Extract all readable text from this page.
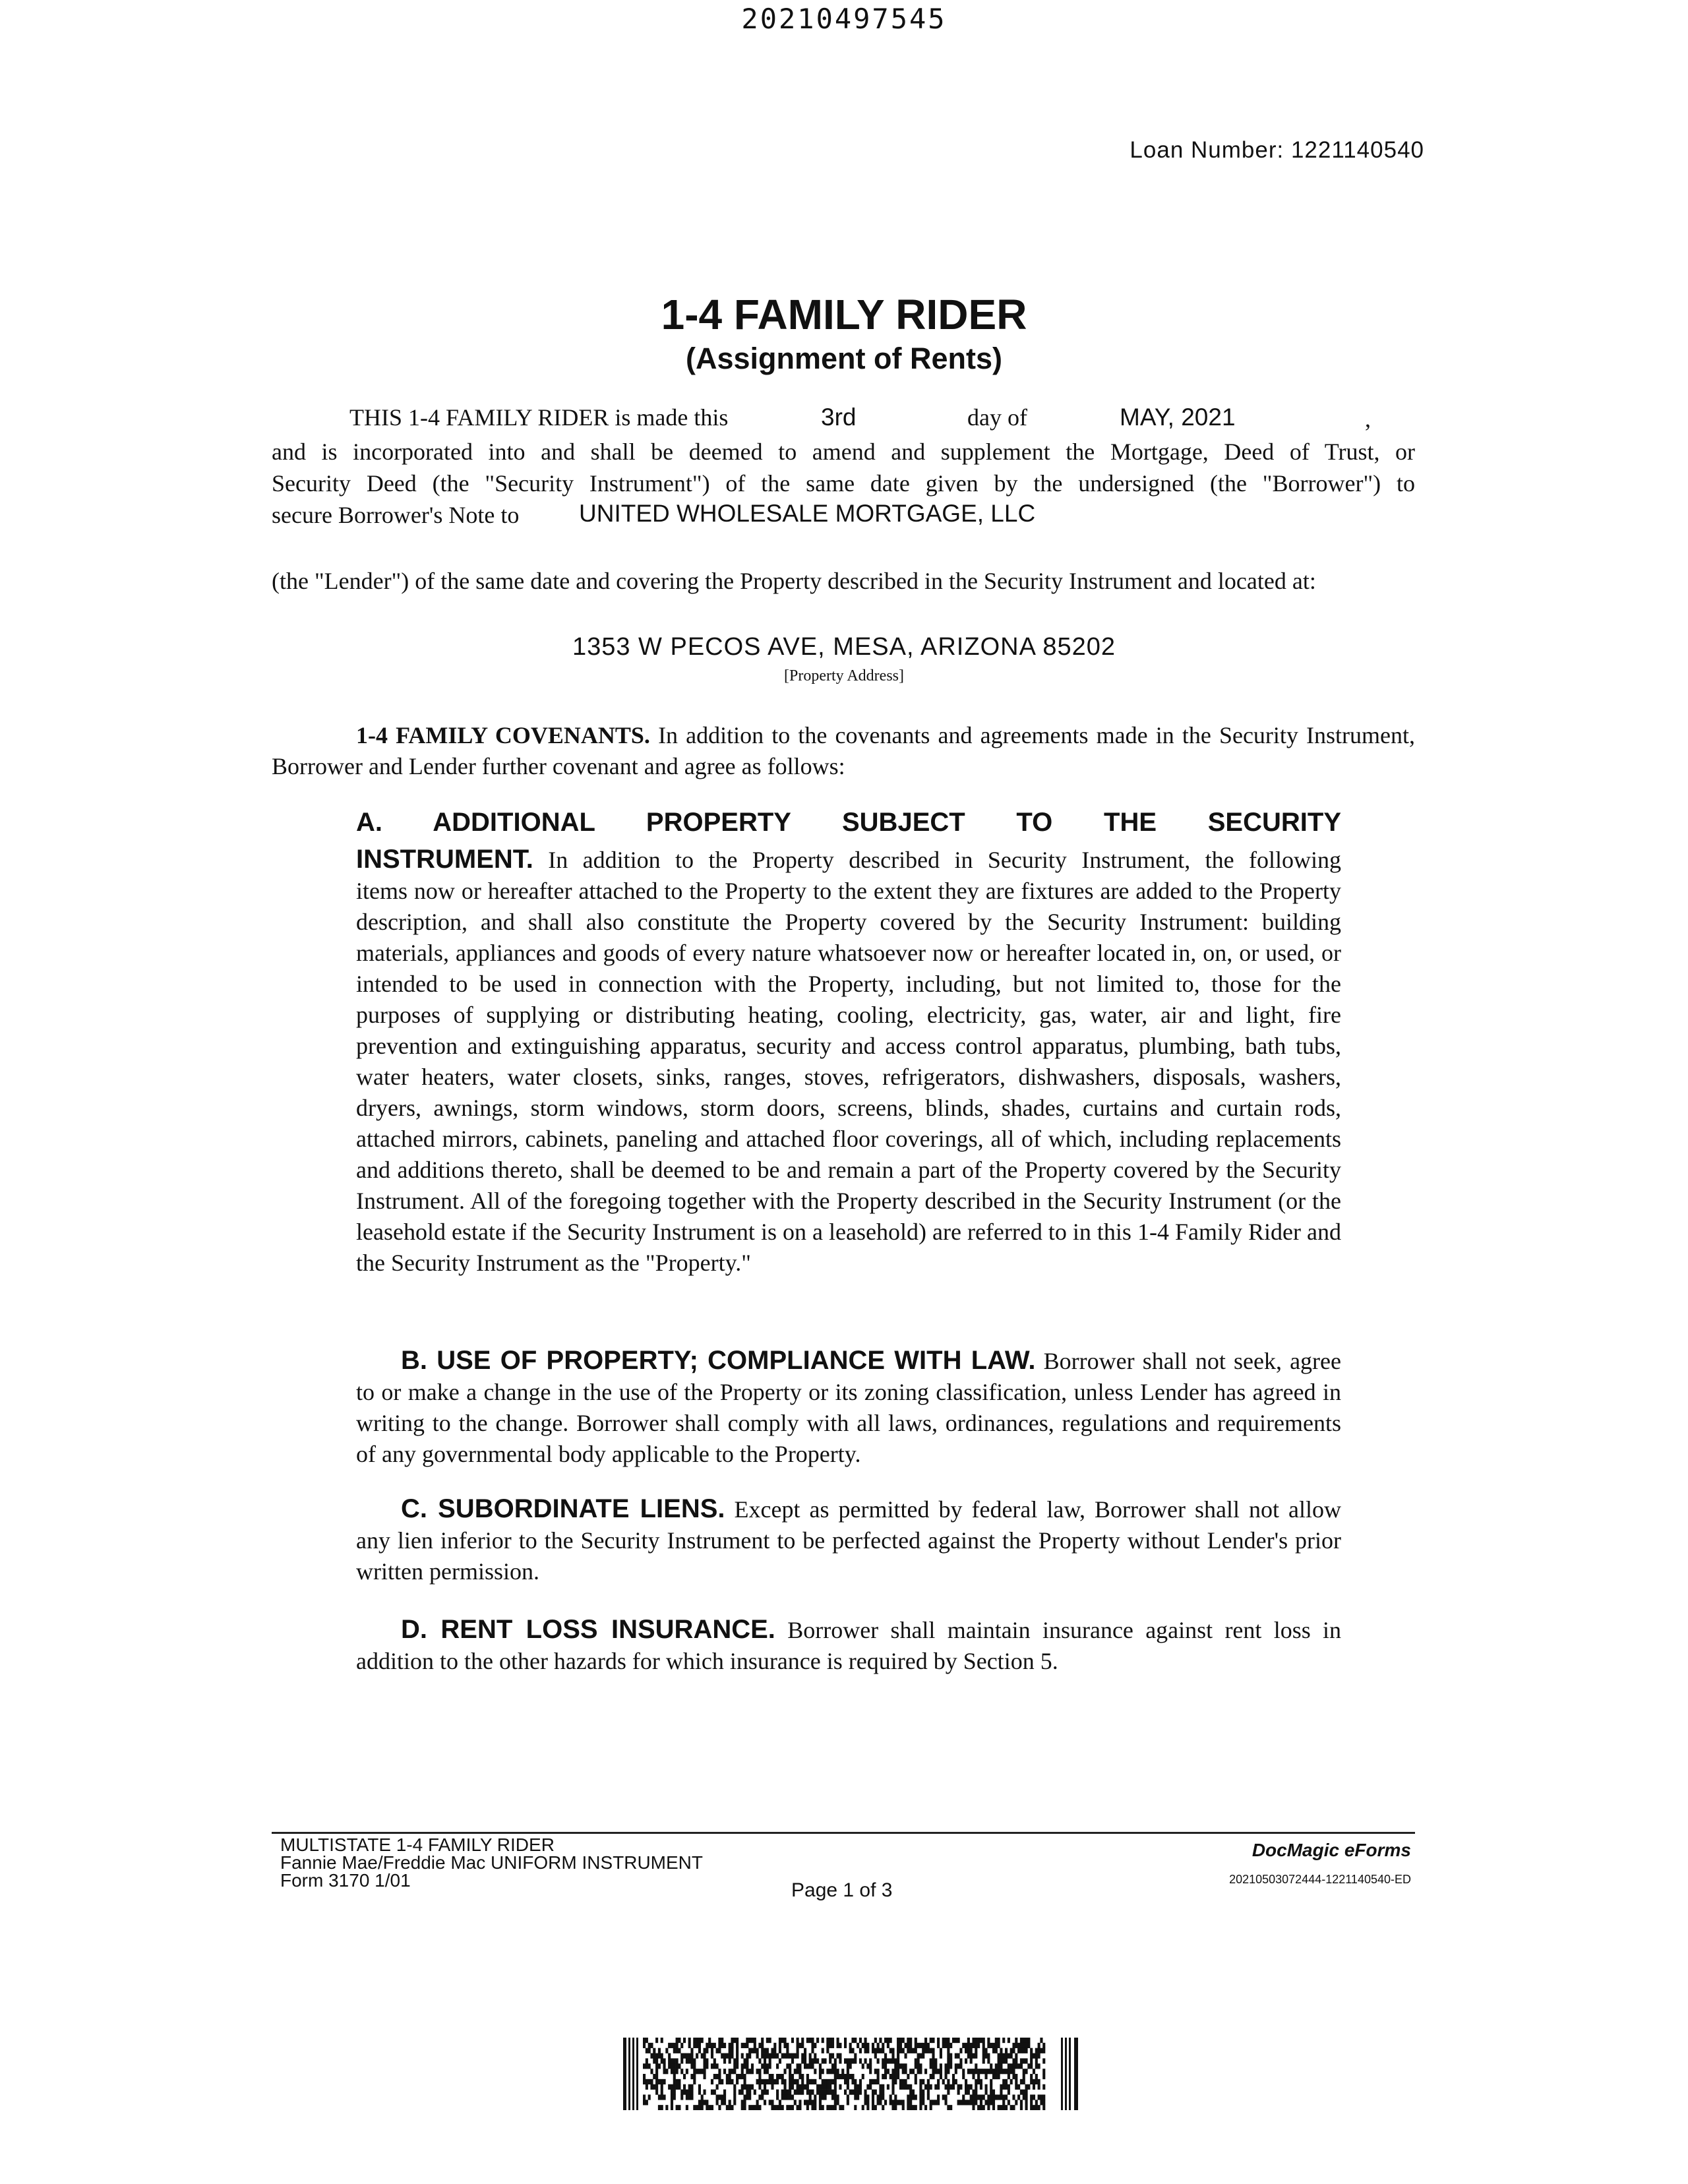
20210497545
Loan Number: 1221140540
1-4 FAMILY RIDER
(Assignment of Rents)
THIS 1-4 FAMILY RIDER is made this	3rd	day of	MAY, 2021	,
and is incorporated into and shall be deemed to amend and supplement the Mortgage, Deed of Trust, or
Security Deed (the "Security Instrument") of the same date given by the undersigned (the "Borrower") to
secure Borrower's Note to UNITED WHOLESALE MORTGAGE, LLC
(the "Lender") of the same date and covering the Property described in the Security Instrument and located at:
1353 W PECOS AVE, MESA, ARIZONA 85202
[Property Address]
1-4 FAMILY COVENANTS. In addition to the covenants and agreements made in the Security Instrument, Borrower and Lender further covenant and agree as follows:
A. ADDITIONAL PROPERTY SUBJECT TO THE SECURITY
INSTRUMENT. In addition to the Property described in Security Instrument, the following
items now or hereafter attached to the Property to the extent they are fixtures are added to the Property description, and shall also constitute the Property covered by the Security Instrument: building materials, appliances and goods of every nature whatsoever now or hereafter located in, on, or used, or intended to be used in connection with the Property, including, but not limited to, those for the purposes of supplying or distributing heating, cooling, electricity, gas, water, air and light, fire prevention and extinguishing apparatus, security and access control apparatus, plumbing, bath tubs, water heaters, water closets, sinks, ranges, stoves, refrigerators, dishwashers, disposals, washers, dryers, awnings, storm windows, storm doors, screens, blinds, shades, curtains and curtain rods, attached mirrors, cabinets, paneling and attached floor coverings, all of which, including replacements and additions thereto, shall be deemed to be and remain a part of the Property covered by the Security Instrument. All of the foregoing together with the Property described in the Security Instrument (or the leasehold estate if the Security Instrument is on a leasehold) are referred to in this 1-4 Family Rider and the Security Instrument as the "Property."
B. USE OF PROPERTY; COMPLIANCE WITH LAW. Borrower shall not seek, agree to or make a change in the use of the Property or its zoning classification, unless Lender has agreed in writing to the change. Borrower shall comply with all laws, ordinances, regulations and requirements of any governmental body applicable to the Property.
C. SUBORDINATE LIENS. Except as permitted by federal law, Borrower shall not allow any lien inferior to the Security Instrument to be perfected against the Property without Lender's prior written permission.
D. RENT LOSS INSURANCE. Borrower shall maintain insurance against rent loss in addition to the other hazards for which insurance is required by Section 5.
MULTISTATE 1-4 FAMILY RIDER
Fannie Mae/Freddie Mac UNIFORM INSTRUMENT
Form 3170 1/01	Page 1 of 3
DocMagic eForms
20210503072444-1221140540-ED
